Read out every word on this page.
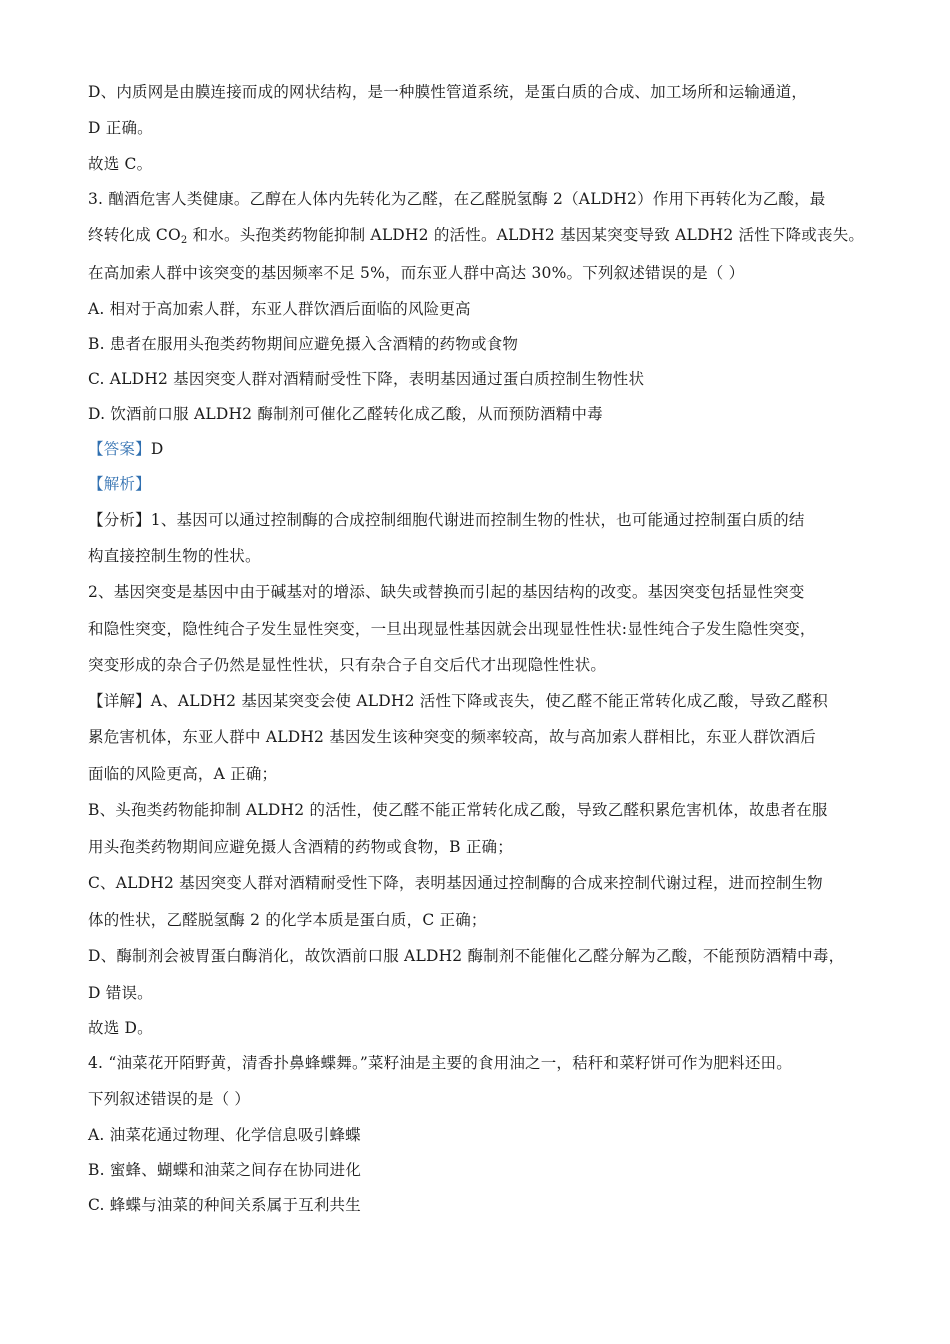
D、内质网是由膜连接而成的网状结构，是一种膜性管道系统，是蛋白质的合成、加工场所和运输通道，
D 正确。
故选 C。
3. 酗酒危害人类健康。乙醇在人体内先转化为乙醛，在乙醛脱氢酶 2（ALDH2）作用下再转化为乙酸，最
终转化成 $CO_2$ 和水。头孢类药物能抑制 ALDH2 的活性。ALDH2 基因某突变导致 ALDH2 活性下降或丧失。
在高加索人群中该突变的基因频率不足 5%，而东亚人群中高达 30%。下列叙述错误的是（ ）
A. 相对于高加索人群，东亚人群饮酒后面临的风险更高
B. 患者在服用头孢类药物期间应避免摄入含酒精的药物或食物
C. ALDH2 基因突变人群对酒精耐受性下降，表明基因通过蛋白质控制生物性状
D. 饮酒前口服 ALDH2 酶制剂可催化乙醛转化成乙酸，从而预防酒精中毒
【答案】D
【解析】
【分析】1、基因可以通过控制酶的合成控制细胞代谢进而控制生物的性状，也可能通过控制蛋白质的结
构直接控制生物的性状。
2、基因突变是基因中由于碱基对的增添、缺失或替换而引起的基因结构的改变。基因突变包括显性突变
和隐性突变，隐性纯合子发生显性突变，一旦出现显性基因就会出现显性性状:显性纯合子发生隐性突变，
突变形成的杂合子仍然是显性性状，只有杂合子自交后代才出现隐性性状。
【详解】A、ALDH2 基因某突变会使 ALDH2 活性下降或丧失，使乙醛不能正常转化成乙酸，导致乙醛积
累危害机体，东亚人群中 ALDH2 基因发生该种突变的频率较高，故与高加索人群相比，东亚人群饮酒后
面临的风险更高，A 正确；
B、头孢类药物能抑制 ALDH2 的活性，使乙醛不能正常转化成乙酸，导致乙醛积累危害机体，故患者在服
用头孢类药物期间应避免摄人含酒精的药物或食物，B 正确；
C、ALDH2 基因突变人群对酒精耐受性下降，表明基因通过控制酶的合成来控制代谢过程，进而控制生物
体的性状，乙醛脱氢酶 2 的化学本质是蛋白质，C 正确；
D、酶制剂会被胃蛋白酶消化，故饮酒前口服 ALDH2 酶制剂不能催化乙醛分解为乙酸，不能预防酒精中毒，
D 错误。
故选 D。
4. “油菜花开陌野黄，清香扑鼻蜂蝶舞。”菜籽油是主要的食用油之一，秸秆和菜籽饼可作为肥料还田。
下列叙述错误的是（ ）
A. 油菜花通过物理、化学信息吸引蜂蝶
B. 蜜蜂、蝴蝶和油菜之间存在协同进化
C. 蜂蝶与油菜的种间关系属于互利共生
